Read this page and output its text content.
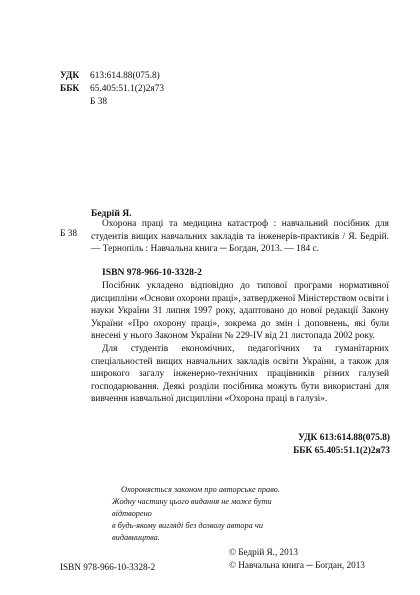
УДК	613:614.88(075.8)
ББК	65.405:51.1(2)2я73
Б 38
Бедрій Я.
Б 38
Охорона праці та медицина катастроф : навчальний посібник для студентів вищих навчальних закладів та інженерів-практиків / Я. Бедрій. — Тернопіль : Навчальна книга ─ Богдан, 2013. — 184 с.
ISBN 978-966-10-3328-2

Посібник укладено відповідно до типової програми нормативної дисципліни «Основи охорони праці», затвердженої Міністерством освіти і науки України 31 липня 1997 року, адаптовано до нової редакції Закону України «Про охорону праці», зокрема до змін і доповнень, які були внесені у нього Законом України № 229-IV від 21 листопада 2002 року.

Для студентів економічних, педагогічних та гуманітарних спеціальностей вищих навчальних закладів освіти України, а також для широкого загалу інженерно-технічних працівників різних галузей господарювання. Деякі розділи посібника можуть бути використані для вивчення навчальної дисципліни «Охорона праці в галузі».

УДК 613:614.88(075.8)
ББК 65.405:51.1(2)2я73
Охороняється законом про авторське право.
Жодну частину цього видання не може бути відтворено
в будь-якому вигляді без дозволу автора чи видавництва.
ISBN 978-966-10-3328-2
© Бедрій Я., 2013
© Навчальна книга ─ Богдан, 2013
